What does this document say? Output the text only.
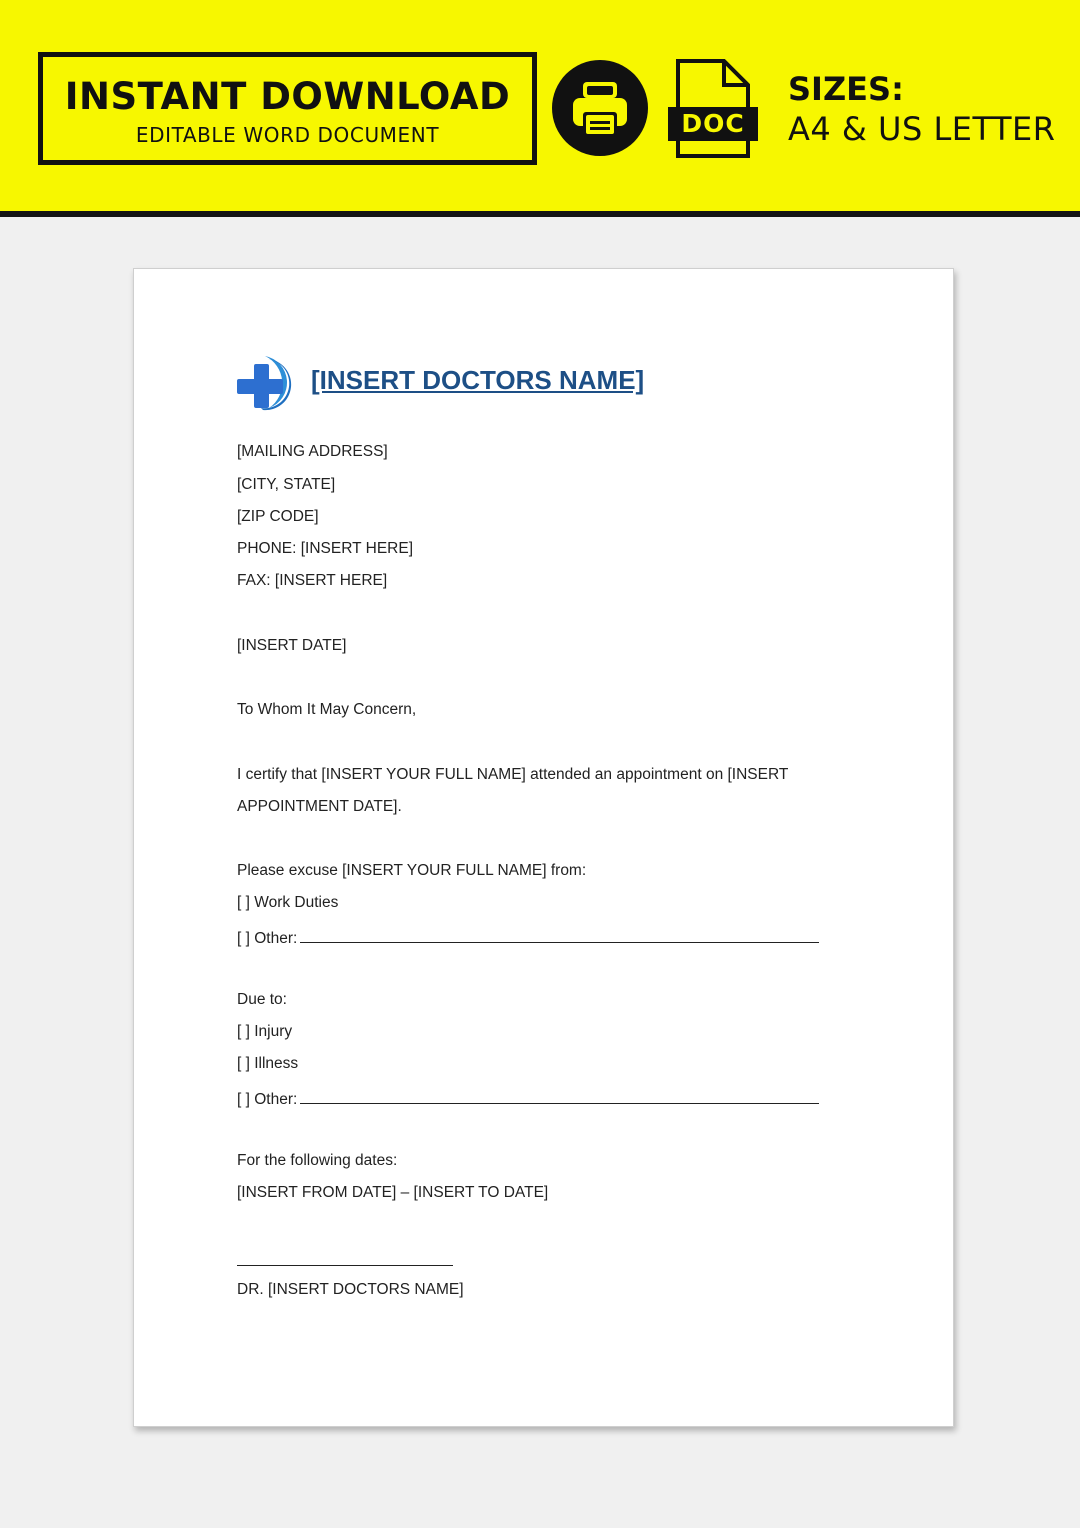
INSTANT DOWNLOAD
EDITABLE WORD DOCUMENT	DOC
SIZES:
A4 & US LETTER
[INSERT DOCTORS NAME]
[MAILING ADDRESS]
[CITY, STATE]
[ZIP CODE]
PHONE: [INSERT HERE]
FAX: [INSERT HERE]
[INSERT DATE]
To Whom It May Concern,
I certify that [INSERT YOUR FULL NAME] attended an appointment on [INSERT
APPOINTMENT DATE].
Please excuse [INSERT YOUR FULL NAME] from:
[ ] Work Duties
[ ] Other:
Due to:
[ ] Injury
[ ] Illness
[ ] Other:
For the following dates:
[INSERT FROM DATE] – [INSERT TO DATE]
DR. [INSERT DOCTORS NAME]
